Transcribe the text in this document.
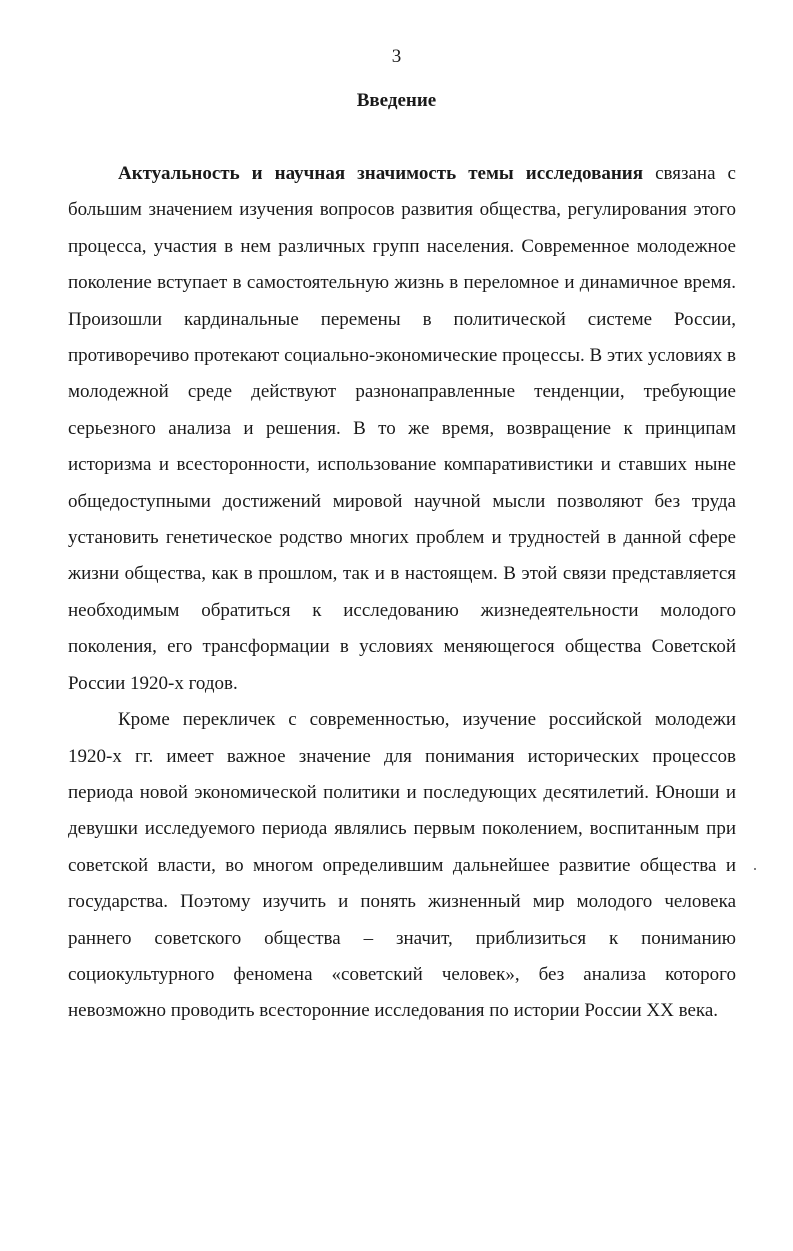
3

Введение

Актуальность и научная значимость темы исследования связана с большим значением изучения вопросов развития общества, регулирования этого процесса, участия в нем различных групп населения. Современное молодежное поколение вступает в самостоятельную жизнь в переломное и динамичное время. Произошли кардинальные перемены в политической системе России, противоречиво протекают социально-экономические процессы. В этих условиях в молодежной среде действуют разнонаправленные тенденции, требующие серьезного анализа и решения. В то же время, возвращение к принципам историзма и всесторонности, использование компаративистики и ставших ныне общедоступными достижений мировой научной мысли позволяют без труда установить генетическое родство многих проблем и трудностей в данной сфере жизни общества, как в прошлом, так и в настоящем. В этой связи представляется необходимым обратиться к исследованию жизнедеятельности молодого поколения, его трансформации в условиях меняющегося общества Советской России 1920-х годов.

Кроме перекличек с современностью, изучение российской молодежи 1920-х гг. имеет важное значение для понимания исторических процессов периода новой экономической политики и последующих десятилетий. Юноши и девушки исследуемого периода являлись первым поколением, воспитанным при советской власти, во многом определившим дальнейшее развитие общества и государства. Поэтому изучить и понять жизненный мир молодого человека раннего советского общества – значит, приблизиться к пониманию социокультурного феномена «советский человек», без анализа которого невозможно проводить всесторонние исследования по истории России XX века.
